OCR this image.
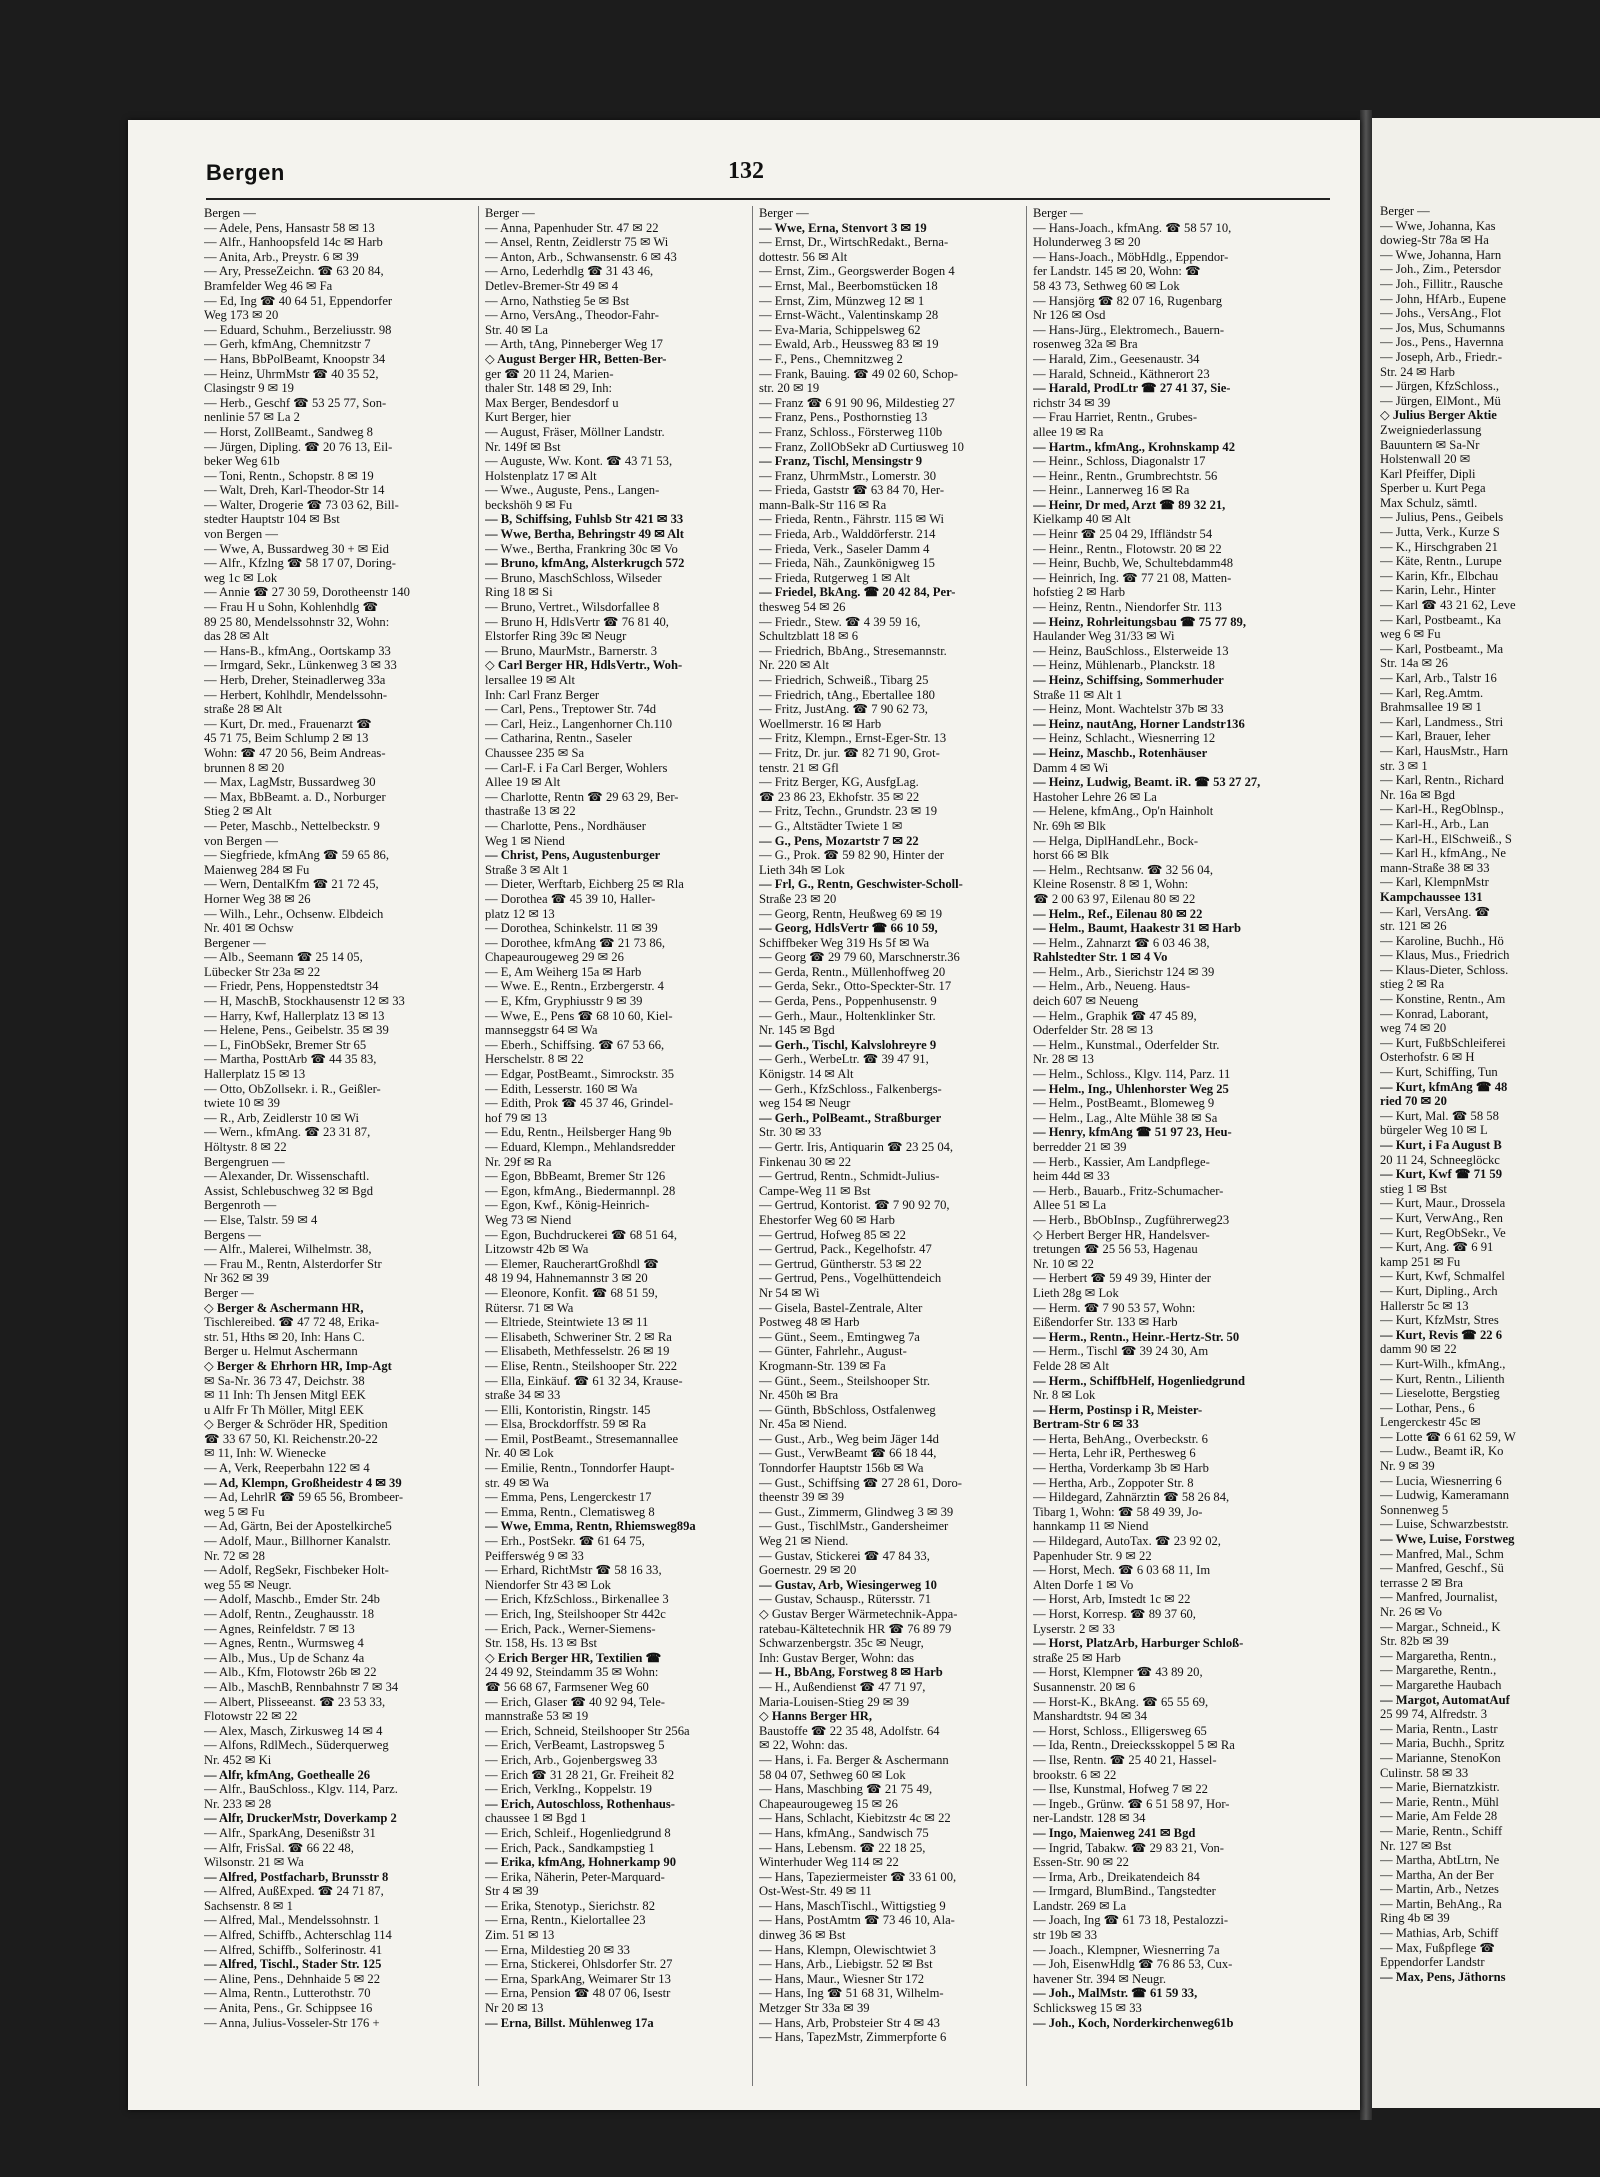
Bergen	132
Bergen —
— Adele, Pens, Hansastr 58 ✉ 13
— Alfr., Hanhoopsfeld 14c ✉ Harb
— Anita, Arb., Preystr. 6 ✉ 39
— Ary, PresseZeichn. ☎ 63 20 84,
Bramfelder Weg 46 ✉ Fa
— Ed, Ing ☎ 40 64 51, Eppendorfer
Weg 173 ✉ 20
— Eduard, Schuhm., Berzeliusstr. 98
— Gerh, kfmAng, Chemnitzstr 7
— Hans, BbPolBeamt, Knoopstr 34
— Heinz, UhrmMstr ☎ 40 35 52,
Clasingstr 9 ✉ 19
— Herb., Geschf ☎ 53 25 77, Son-
nenlinie 57 ✉ La 2
— Horst, ZollBeamt., Sandweg 8
— Jürgen, Dipling. ☎ 20 76 13, Eil-
beker Weg 61b
— Toni, Rentn., Schopstr. 8 ✉ 19
— Walt, Dreh, Karl-Theodor-Str 14
— Walter, Drogerie ☎ 73 03 62, Bill-
stedter Hauptstr 104 ✉ Bst
von Bergen —
— Wwe, A, Bussardweg 30 + ✉ Eid
— Alfr., Kfzlng ☎ 58 17 07, Doring-
weg 1c ✉ Lok
— Annie ☎ 27 30 59, Dorotheenstr 140
— Frau H u Sohn, Kohlenhdlg ☎
89 25 80, Mendelssohnstr 32, Wohn:
das 28 ✉ Alt
— Hans-B., kfmAng., Oortskamp 33
— Irmgard, Sekr., Lünkenweg 3 ✉ 33
— Herb, Dreher, Steinadlerweg 33a
— Herbert, Kohlhdlr, Mendelssohn-
straße 28 ✉ Alt
— Kurt, Dr. med., Frauenarzt ☎
45 71 75, Beim Schlump 2 ✉ 13
Wohn: ☎ 47 20 56, Beim Andreas-
brunnen 8 ✉ 20
— Max, LagMstr, Bussardweg 30
— Max, BbBeamt. a. D., Norburger
Stieg 2 ✉ Alt
— Peter, Maschb., Nettelbeckstr. 9
von Bergen —
— Siegfriede, kfmAng ☎ 59 65 86,
Maienweg 284 ✉ Fu
— Wern, DentalKfm ☎ 21 72 45,
Horner Weg 38 ✉ 26
— Wilh., Lehr., Ochsenw. Elbdeich
Nr. 401 ✉ Ochsw
Bergener —
— Alb., Seemann ☎ 25 14 05,
Lübecker Str 23a ✉ 22
— Friedr, Pens, Hoppenstedtstr 34
— H, MaschB, Stockhausenstr 12 ✉ 33
— Harry, Kwf, Hallerplatz 13 ✉ 13
— Helene, Pens., Geibelstr. 35 ✉ 39
— L, FinObSekr, Bremer Str 65
— Martha, PosttArb ☎ 44 35 83,
Hallerplatz 15 ✉ 13
— Otto, ObZollsekr. i. R., Geißler-
twiete 10 ✉ 39
— R., Arb, Zeidlerstr 10 ✉ Wi
— Wern., kfmAng. ☎ 23 31 87,
Höltystr. 8 ✉ 22
Bergengruen —
— Alexander, Dr. Wissenschaftl.
Assist, Schlebuschweg 32 ✉ Bgd
Bergenroth —
— Else, Talstr. 59 ✉ 4
Bergens —
— Alfr., Malerei, Wilhelmstr. 38,
— Frau M., Rentn, Alsterdorfer Str
Nr 362 ✉ 39
Berger —
◇ Berger & Aschermann HR,
Tischlereibed. ☎ 47 72 48, Erika-
str. 51, Hths ✉ 20, Inh: Hans C.
Berger u. Helmut Aschermann
◇ Berger & Ehrhorn HR, Imp-Agt
✉ Sa-Nr. 36 73 47, Deichstr. 38
✉ 11 Inh: Th Jensen Mitgl EEK
u Alfr Fr Th Möller, Mitgl EEK
◇ Berger & Schröder HR, Spedition
☎ 33 67 50, Kl. Reichenstr.20-22
✉ 11, Inh: W. Wienecke
— A, Verk, Reeperbahn 122 ✉ 4
— Ad, Klempn, Großheidestr 4 ✉ 39
— Ad, LehrlR ☎ 59 65 56, Brombeer-
weg 5 ✉ Fu
— Ad, Gärtn, Bei der Apostelkirche5
— Adolf, Maur., Billhorner Kanalstr.
Nr. 72 ✉ 28
— Adolf, RegSekr, Fischbeker Holt-
weg 55 ✉ Neugr.
— Adolf, Maschb., Emder Str. 24b
— Adolf, Rentn., Zeughausstr. 18
— Agnes, Reinfeldstr. 7 ✉ 13
— Agnes, Rentn., Wurmsweg 4
— Alb., Mus., Up de Schanz 4a
— Alb., Kfm, Flotowstr 26b ✉ 22
— Alb., MaschB, Rennbahnstr 7 ✉ 34
— Albert, Plisseeanst. ☎ 23 53 33,
Flotowstr 22 ✉ 22
— Alex, Masch, Zirkusweg 14 ✉ 4
— Alfons, RdlMech., Süderquerweg
Nr. 452 ✉ Ki
— Alfr, kfmAng, Goethealle 26
— Alfr., BauSchloss., Klgv. 114, Parz.
Nr. 233 ✉ 28
— Alfr, DruckerMstr, Doverkamp 2
— Alfr., SparkAng, Desenißstr 31
— Alfr, FrisSal. ☎ 66 22 48,
Wilsonstr. 21 ✉ Wa
— Alfred, Postfacharb, Brunsstr 8
— Alfred, AußExped. ☎ 24 71 87,
Sachsenstr. 8 ✉ 1
— Alfred, Mal., Mendelssohnstr. 1
— Alfred, Schiffb., Achterschlag 114
— Alfred, Schiffb., Solferinostr. 41
— Alfred, Tischl., Stader Str. 125
— Aline, Pens., Dehnhaide 5 ✉ 22
— Alma, Rentn., Lutterothstr. 70
— Anita, Pens., Gr. Schippsee 16
— Anna, Julius-Vosseler-Str 176 +
Berger —
— Anna, Papenhuder Str. 47 ✉ 22
— Ansel, Rentn, Zeidlerstr 75 ✉ Wi
— Anton, Arb., Schwansenstr. 6 ✉ 43
— Arno, Lederhdlg ☎ 31 43 46,
Detlev-Bremer-Str 49 ✉ 4
— Arno, Nathstieg 5e ✉ Bst
— Arno, VersAng., Theodor-Fahr-
Str. 40 ✉ La
— Arth, tAng, Pinneberger Weg 17
◇ August Berger HR, Betten-Ber-
ger ☎ 20 11 24, Marien-
thaler Str. 148 ✉ 29, Inh:
Max Berger, Bendesdorf u
Kurt Berger, hier
— August, Fräser, Möllner Landstr.
Nr. 149f ✉ Bst
— Auguste, Ww. Kont. ☎ 43 71 53,
Holstenplatz 17 ✉ Alt
— Wwe., Auguste, Pens., Langen-
beckshöh 9 ✉ Fu
— B, Schiffsing, Fuhlsb Str 421 ✉ 33
— Wwe, Bertha, Behringstr 49 ✉ Alt
— Wwe., Bertha, Frankring 30c ✉ Vo
— Bruno, kfmAng, Alsterkrugch 572
— Bruno, MaschSchloss, Wilseder
Ring 18 ✉ Si
— Bruno, Vertret., Wilsdorfallee 8
— Bruno H, HdlsVertr ☎ 76 81 40,
Elstorfer Ring 39c ✉ Neugr
— Bruno, MaurMstr., Barnerstr. 3
◇ Carl Berger HR, HdlsVertr., Woh-
lersallee 19 ✉ Alt
Inh: Carl Franz Berger
— Carl, Pens., Treptower Str. 74d
— Carl, Heiz., Langenhorner Ch.110
— Catharina, Rentn., Saseler
Chaussee 235 ✉ Sa
— Carl-F. i Fa Carl Berger, Wohlers
Allee 19 ✉ Alt
— Charlotte, Rentn ☎ 29 63 29, Ber-
thastraße 13 ✉ 22
— Charlotte, Pens., Nordhäuser
Weg 1 ✉ Niend
— Christ, Pens, Augustenburger
Straße 3 ✉ Alt 1
— Dieter, Werftarb, Eichberg 25 ✉ Rla
— Dorothea ☎ 45 39 10, Haller-
platz 12 ✉ 13
— Dorothea, Schinkelstr. 11 ✉ 39
— Dorothee, kfmAng ☎ 21 73 86,
Chapeaurougeweg 29 ✉ 26
— E, Am Weiherg 15a ✉ Harb
— Wwe. E., Rentn., Erzbergerstr. 4
— E, Kfm, Gryphiusstr 9 ✉ 39
— Wwe, E., Pens ☎ 68 10 60, Kiel-
mannseggstr 64 ✉ Wa
— Eberh., Schiffsing. ☎ 67 53 66,
Herschelstr. 8 ✉ 22
— Edgar, PostBeamt., Simrockstr. 35
— Edith, Lesserstr. 160 ✉ Wa
— Edith, Prok ☎ 45 37 46, Grindel-
hof 79 ✉ 13
— Edu, Rentn., Heilsberger Hang 9b
— Eduard, Klempn., Mehlandsredder
Nr. 29f ✉ Ra
— Egon, BbBeamt, Bremer Str 126
— Egon, kfmAng., Biedermannpl. 28
— Egon, Kwf., König-Heinrich-
Weg 73 ✉ Niend
— Egon, Buchdruckerei ☎ 68 51 64,
Litzowstr 42b ✉ Wa
— Elemer, RaucherartGroßhdl ☎
48 19 94, Hahnemannstr 3 ✉ 20
— Eleonore, Konfit. ☎ 68 51 59,
Rütersr. 71 ✉ Wa
— Eltriede, Steintwiete 13 ✉ 11
— Elisabeth, Schweriner Str. 2 ✉ Ra
— Elisabeth, Methfesselstr. 26 ✉ 19
— Elise, Rentn., Steilshooper Str. 222
— Ella, Einkäuf. ☎ 61 32 34, Krause-
straße 34 ✉ 33
— Elli, Kontoristin, Ringstr. 145
— Elsa, Brockdorffstr. 59 ✉ Ra
— Emil, PostBeamt., Stresemannallee
Nr. 40 ✉ Lok
— Emilie, Rentn., Tonndorfer Haupt-
str. 49 ✉ Wa
— Emma, Pens, Lengerckestr 17
— Emma, Rentn., Clematisweg 8
— Wwe, Emma, Rentn, Rhiemsweg89a
— Erh., PostSekr. ☎ 61 64 75,
Peifferswég 9 ✉ 33
— Erhard, RichtMstr ☎ 58 16 33,
Niendorfer Str 43 ✉ Lok
— Erich, KfzSchloss., Birkenallee 3
— Erich, Ing, Steilshooper Str 442c
— Erich, Pack., Werner-Siemens-
Str. 158, Hs. 13 ✉ Bst
◇ Erich Berger HR, Textilien ☎
24 49 92, Steindamm 35 ✉ Wohn:
☎ 56 68 67, Farmsener Weg 60
— Erich, Glaser ☎ 40 92 94, Tele-
mannstraße 53 ✉ 19
— Erich, Schneid, Steilshooper Str 256a
— Erich, VerBeamt, Lastropsweg 5
— Erich, Arb., Gojenbergsweg 33
— Erich ☎ 31 28 21, Gr. Freiheit 82
— Erich, VerkIng., Koppelstr. 19
— Erich, Autoschloss, Rothenhaus-
chaussee 1 ✉ Bgd 1
— Erich, Schleif., Hogenliedgrund 8
— Erich, Pack., Sandkampstieg 1
— Erika, kfmAng, Hohnerkamp 90
— Erika, Näherin, Peter-Marquard-
Str 4 ✉ 39
— Erika, Stenotyp., Sierichstr. 82
— Erna, Rentn., Kielortallee 23
Zim. 51 ✉ 13
— Erna, Mildestieg 20 ✉ 33
— Erna, Stickerei, Ohlsdorfer Str. 27
— Erna, SparkAng, Weimarer Str 13
— Erna, Pension ☎ 48 07 06, Isestr
Nr 20 ✉ 13
— Erna, Billst. Mühlenweg 17a
Berger —
— Wwe, Erna, Stenvort 3 ✉ 19
— Ernst, Dr., WirtschRedakt., Berna-
dottestr. 56 ✉ Alt
— Ernst, Zim., Georgswerder Bogen 4
— Ernst, Mal., Beerbomstücken 18
— Ernst, Zim, Münzweg 12 ✉ 1
— Ernst-Wächt., Valentinskamp 28
— Eva-Maria, Schippelsweg 62
— Ewald, Arb., Heussweg 83 ✉ 19
— F., Pens., Chemnitzweg 2
— Frank, Bauing. ☎ 49 02 60, Schop-
str. 20 ✉ 19
— Franz ☎ 6 91 90 96, Mildestieg 27
— Franz, Pens., Posthornstieg 13
— Franz, Schloss., Försterweg 110b
— Franz, ZollObSekr aD Curtiusweg 10
— Franz, Tischl, Mensingstr 9
— Franz, UhrmMstr., Lomerstr. 30
— Frieda, Gaststr ☎ 63 84 70, Her-
mann-Balk-Str 116 ✉ Ra
— Frieda, Rentn., Fährstr. 115 ✉ Wi
— Frieda, Arb., Walddörferstr. 214
— Frieda, Verk., Saseler Damm 4
— Frieda, Näh., Zaunkönigweg 15
— Frieda, Rutgerweg 1 ✉ Alt
— Friedel, BkAng. ☎ 20 42 84, Per-
thesweg 54 ✉ 26
— Friedr., Stew. ☎ 4 39 59 16,
Schultzblatt 18 ✉ 6
— Friedrich, BbAng., Stresemannstr.
Nr. 220 ✉ Alt
— Friedrich, Schweiß., Tibarg 25
— Friedrich, tAng., Ebertallee 180
— Fritz, JustAng. ☎ 7 90 62 73,
Woellmerstr. 16 ✉ Harb
— Fritz, Klempn., Ernst-Eger-Str. 13
— Fritz, Dr. jur. ☎ 82 71 90, Grot-
tenstr. 21 ✉ Gfl
— Fritz Berger, KG, AusfgLag.
☎ 23 86 23, Ekhofstr. 35 ✉ 22
— Fritz, Techn., Grundstr. 23 ✉ 19
— G., Altstädter Twiete 1 ✉
— G., Pens, Mozartstr 7 ✉ 22
— G., Prok. ☎ 59 82 90, Hinter der
Lieth 34h ✉ Lok
— Frl, G., Rentn, Geschwister-Scholl-
Straße 23 ✉ 20
— Georg, Rentn, Heußweg 69 ✉ 19
— Georg, HdlsVertr ☎ 66 10 59,
Schiffbeker Weg 319 Hs 5f ✉ Wa
— Georg ☎ 29 79 60, Marschnerstr.36
— Gerda, Rentn., Müllenhoffweg 20
— Gerda, Sekr., Otto-Speckter-Str. 17
— Gerda, Pens., Poppenhusenstr. 9
— Gerh., Maur., Holtenklinker Str.
Nr. 145 ✉ Bgd
— Gerh., Tischl, Kalvslohreyre 9
— Gerh., WerbeLtr. ☎ 39 47 91,
Königstr. 14 ✉ Alt
— Gerh., KfzSchloss., Falkenbergs-
weg 154 ✉ Neugr
— Gerh., PolBeamt., Straßburger
Str. 30 ✉ 33
— Gertr. Iris, Antiquarin ☎ 23 25 04,
Finkenau 30 ✉ 22
— Gertrud, Rentn., Schmidt-Julius-
Campe-Weg 11 ✉ Bst
— Gertrud, Kontorist. ☎ 7 90 92 70,
Ehestorfer Weg 60 ✉ Harb
— Gertrud, Hofweg 85 ✉ 22
— Gertrud, Pack., Kegelhofstr. 47
— Gertrud, Güntherstr. 53 ✉ 22
— Gertrud, Pens., Vogelhüttendeich
Nr 54 ✉ Wi
— Gisela, Bastel-Zentrale, Alter
Postweg 48 ✉ Harb
— Günt., Seem., Emtingweg 7a
— Günter, Fahrlehr., August-
Krogmann-Str. 139 ✉ Fa
— Günt., Seem., Steilshooper Str.
Nr. 450h ✉ Bra
— Günth, BbSchloss, Ostfalenweg
Nr. 45a ✉ Niend.
— Gust., Arb., Weg beim Jäger 14d
— Gust., VerwBeamt ☎ 66 18 44,
Tonndorfer Hauptstr 156b ✉ Wa
— Gust., Schiffsing ☎ 27 28 61, Doro-
theenstr 39 ✉ 39
— Gust., Zimmerm, Glindweg 3 ✉ 39
— Gust., TischlMstr., Gandersheimer
Weg 21 ✉ Niend.
— Gustav, Stickerei ☎ 47 84 33,
Goernestr. 29 ✉ 20
— Gustav, Arb, Wiesingerweg 10
— Gustav, Schausp., Rütersstr. 71
◇ Gustav Berger Wärmetechnik-Appa-
ratebau-Kältetechnik HR ☎ 76 89 79
Schwarzenbergstr. 35c ✉ Neugr,
Inh: Gustav Berger, Wohn: das
— H., BbAng, Forstweg 8 ✉ Harb
— H., Außendienst ☎ 47 71 97,
Maria-Louisen-Stieg 29 ✉ 39
◇ Hanns Berger HR,
Baustoffe ☎ 22 35 48, Adolfstr. 64
✉ 22, Wohn: das.
— Hans, i. Fa. Berger & Aschermann
58 04 07, Sethweg 60 ✉ Lok
— Hans, Maschbing ☎ 21 75 49,
Chapeaurougeweg 15 ✉ 26
— Hans, Schlacht, Kiebitzstr 4c ✉ 22
— Hans, kfmAng., Sandwisch 75
— Hans, Lebensm. ☎ 22 18 25,
Winterhuder Weg 114 ✉ 22
— Hans, Tapeziermeister ☎ 33 61 00,
Ost-West-Str. 49 ✉ 11
— Hans, MaschTischl., Wittigstieg 9
— Hans, PostAmtm ☎ 73 46 10, Ala-
dinweg 36 ✉ Bst
— Hans, Klempn, Olewischtwiet 3
— Hans, Arb., Liebigstr. 52 ✉ Bst
— Hans, Maur., Wiesner Str 172
— Hans, Ing ☎ 51 68 31, Wilhelm-
Metzger Str 33a ✉ 39
— Hans, Arb, Probsteier Str 4 ✉ 43
— Hans, TapezMstr, Zimmerpforte 6
Berger —
— Hans-Joach., kfmAng. ☎ 58 57 10,
Holunderweg 3 ✉ 20
— Hans-Joach., MöbHdlg., Eppendor-
fer Landstr. 145 ✉ 20, Wohn: ☎
58 43 73, Sethweg 60 ✉ Lok
— Hansjörg ☎ 82 07 16, Rugenbarg
Nr 126 ✉ Osd
— Hans-Jürg., Elektromech., Bauern-
rosenweg 32a ✉ Bra
— Harald, Zim., Geesenaustr. 34
— Harald, Schneid., Käthnerort 23
— Harald, ProdLtr ☎ 27 41 37, Sie-
richstr 34 ✉ 39
— Frau Harriet, Rentn., Grubes-
allee 19 ✉ Ra
— Hartm., kfmAng., Krohnskamp 42
— Heinr., Schloss, Diagonalstr 17
— Heinr., Rentn., Grumbrechtstr. 56
— Heinr., Lannerweg 16 ✉ Ra
— Heinr, Dr med, Arzt ☎ 89 32 21,
Kielkamp 40 ✉ Alt
— Heinr ☎ 25 04 29, Iffländstr 54
— Heinr., Rentn., Flotowstr. 20 ✉ 22
— Heinr, Buchb, We, Schultebdamm48
— Heinrich, Ing. ☎ 77 21 08, Matten-
hofstieg 2 ✉ Harb
— Heinz, Rentn., Niendorfer Str. 113
— Heinz, Rohrleitungsbau ☎ 75 77 89,
Haulander Weg 31/33 ✉ Wi
— Heinz, BauSchloss., Elsterweide 13
— Heinz, Mühlenarb., Planckstr. 18
— Heinz, Schiffsing, Sommerhuder
Straße 11 ✉ Alt 1
— Heinz, Mont. Wachtelstr 37b ✉ 33
— Heinz, nautAng, Horner Landstr136
— Heinz, Schlacht., Wiesnerring 12
— Heinz, Maschb., Rotenhäuser
Damm 4 ✉ Wi
— Heinz, Ludwig, Beamt. iR. ☎ 53 27 27,
Hastoher Lehre 26 ✉ La
— Helene, kfmAng., Op'n Hainholt
Nr. 69h ✉ Blk
— Helga, DiplHandLehr., Bock-
horst 66 ✉ Blk
— Helm., Rechtsanw. ☎ 32 56 04,
Kleine Rosenstr. 8 ✉ 1, Wohn:
☎ 2 00 63 97, Eilenau 80 ✉ 22
— Helm., Ref., Eilenau 80 ✉ 22
— Helm., Baumt, Haakestr 31 ✉ Harb
— Helm., Zahnarzt ☎ 6 03 46 38,
Rahlstedter Str. 1 ✉ 4 Vo
— Helm., Arb., Sierichstr 124 ✉ 39
— Helm., Arb., Neueng. Haus-
deich 607 ✉ Neueng
— Helm., Graphik ☎ 47 45 89,
Oderfelder Str. 28 ✉ 13
— Helm., Kunstmal., Oderfelder Str.
Nr. 28 ✉ 13
— Helm., Schloss., Klgv. 114, Parz. 11
— Helm., Ing., Uhlenhorster Weg 25
— Helm., PostBeamt., Blomeweg 9
— Helm., Lag., Alte Mühle 38 ✉ Sa
— Henry, kfmAng ☎ 51 97 23, Heu-
berredder 21 ✉ 39
— Herb., Kassier, Am Landpflege-
heim 44d ✉ 33
— Herb., Bauarb., Fritz-Schumacher-
Allee 51 ✉ La
— Herb., BbObInsp., Zugführerweg23
◇ Herbert Berger HR, Handelsver-
tretungen ☎ 25 56 53, Hagenau
Nr. 10 ✉ 22
— Herbert ☎ 59 49 39, Hinter der
Lieth 28g ✉ Lok
— Herm. ☎ 7 90 53 57, Wohn:
Eißendorfer Str. 133 ✉ Harb
— Herm., Rentn., Heinr.-Hertz-Str. 50
— Herm., Tischl ☎ 39 24 30, Am
Felde 28 ✉ Alt
— Herm., SchiffbHelf, Hogenliedgrund
Nr. 8 ✉ Lok
— Herm, Postinsp i R, Meister-
Bertram-Str 6 ✉ 33
— Herta, BehAng., Overbeckstr. 6
— Herta, Lehr iR, Perthesweg 6
— Hertha, Vorderkamp 3b ✉ Harb
— Hertha, Arb., Zoppoter Str. 8
— Hildegard, Zahnärztin ☎ 58 26 84,
Tibarg 1, Wohn: ☎ 58 49 39, Jo-
hannkamp 11 ✉ Niend
— Hildegard, AutoTax. ☎ 23 92 02,
Papenhuder Str. 9 ✉ 22
— Horst, Mech. ☎ 6 03 68 11, Im
Alten Dorfe 1 ✉ Vo
— Horst, Arb, Imstedt 1c ✉ 22
— Horst, Korresp. ☎ 89 37 60,
Lyserstr. 2 ✉ 33
— Horst, PlatzArb, Harburger Schloß-
straße 25 ✉ Harb
— Horst, Klempner ☎ 43 89 20,
Susannenstr. 20 ✉ 6
— Horst-K., BkAng. ☎ 65 55 69,
Manshardtstr. 94 ✉ 34
— Horst, Schloss., Elligersweg 65
— Ida, Rentn., Dreiecksskoppel 5 ✉ Ra
— Ilse, Rentn. ☎ 25 40 21, Hassel-
brookstr. 6 ✉ 22
— Ilse, Kunstmal, Hofweg 7 ✉ 22
— Ingeb., Grünw. ☎ 6 51 58 97, Hor-
ner-Landstr. 128 ✉ 34
— Ingo, Maienweg 241 ✉ Bgd
— Ingrid, Tabakw. ☎ 29 83 21, Von-
Essen-Str. 90 ✉ 22
— Irma, Arb., Dreikatendeich 84
— Irmgard, BlumBind., Tangstedter
Landstr. 269 ✉ La
— Joach, Ing ☎ 61 73 18, Pestalozzi-
str 19b ✉ 33
— Joach., Klempner, Wiesnerring 7a
— Joh, EisenwHdlg ☎ 76 86 53, Cux-
havener Str. 394 ✉ Neugr.
— Joh., MalMstr. ☎ 61 59 33,
Schlicksweg 15 ✉ 33
— Joh., Koch, Norderkirchenweg61b
Berger —
— Wwe, Johanna, Kas
dowieg-Str 78a ✉ Ha
— Wwe, Johanna, Harn
— Joh., Zim., Petersdor
— Joh., Fillitr., Rausche
— John, HfArb., Eupene
— Johs., VersAng., Flot
— Jos, Mus, Schumanns
— Jos., Pens., Havernna
— Joseph, Arb., Friedr.-
Str. 24 ✉ Harb
— Jürgen, KfzSchloss.,
— Jürgen, ElMont., Mü
◇ Julius Berger Aktie
Zweigniederlassung
Bauuntern ✉ Sa-Nr
Holstenwall 20 ✉
Karl Pfeiffer, Dipli
Sperber u. Kurt Pega
Max Schulz, sämtl.
— Julius, Pens., Geibels
— Jutta, Verk., Kurze S
— K., Hirschgraben 21
— Käte, Rentn., Lurupe
— Karin, Kfr., Elbchau
— Karin, Lehr., Hinter
— Karl ☎ 43 21 62, Leve
— Karl, Postbeamt., Ka
weg 6 ✉ Fu
— Karl, Postbeamt., Ma
Str. 14a ✉ 26
— Karl, Arb., Talstr 16
— Karl, Reg.Amtm.
Brahmsallee 19 ✉ 1
— Karl, Landmess., Stri
— Karl, Brauer, Ieher
— Karl, HausMstr., Harn
str. 3 ✉ 1
— Karl, Rentn., Richard
Nr. 16a ✉ Bgd
— Karl-H., RegOblnsp.,
— Karl-H., Arb., Lan
— Karl-H., ElSchweiß., S
— Karl H., kfmAng., Ne
mann-Straße 38 ✉ 33
— Karl, KlempnMstr
Kampchaussee 131
— Karl, VersAng. ☎
str. 121 ✉ 26
— Karoline, Buchh., Hö
— Klaus, Mus., Friedrich
— Klaus-Dieter, Schloss.
stieg 2 ✉ Ra
— Konstine, Rentn., Am
— Konrad, Laborant,
weg 74 ✉ 20
— Kurt, FußbSchleiferei
Osterhofstr. 6 ✉ H
— Kurt, Schiffing, Tun
— Kurt, kfmAng ☎ 48
ried 70 ✉ 20
— Kurt, Mal. ☎ 58 58
bürgeler Weg 10 ✉ L
— Kurt, i Fa August B
20 11 24, Schneeglöckc
— Kurt, Kwf ☎ 71 59
stieg 1 ✉ Bst
— Kurt, Maur., Drossela
— Kurt, VerwAng., Ren
— Kurt, RegObSekr., Ve
— Kurt, Ang. ☎ 6 91
kamp 251 ✉ Fu
— Kurt, Kwf, Schmalfel
— Kurt, Dipling., Arch
Hallerstr 5c ✉ 13
— Kurt, KfzMstr, Stres
— Kurt, Revis ☎ 22 6
damm 90 ✉ 22
— Kurt-Wilh., kfmAng.,
— Kurt, Rentn., Lilienth
— Lieselotte, Bergstieg
— Lothar, Pens., 6
Lengerckestr 45c ✉
— Lotte ☎ 6 61 62 59, W
— Ludw., Beamt iR, Ko
Nr. 9 ✉ 39
— Lucia, Wiesnerring 6
— Ludwig, Kameramann
Sonnenweg 5
— Luise, Schwarzbeststr.
— Wwe, Luise, Forstweg
— Manfred, Mal., Schm
— Manfred, Geschf., Sü
terrasse 2 ✉ Bra
— Manfred, Journalist,
Nr. 26 ✉ Vo
— Margar., Schneid., K
Str. 82b ✉ 39
— Margaretha, Rentn.,
— Margarethe, Rentn.,
— Margarethe Haubach
— Margot, AutomatAuf
25 99 74, Alfredstr. 3
— Maria, Rentn., Lastr
— Maria, Buchh., Spritz
— Marianne, StenoKon
Culinstr. 58 ✉ 33
— Marie, Biernatzkistr.
— Marie, Rentn., Mühl
— Marie, Am Felde 28
— Marie, Rentn., Schiff
Nr. 127 ✉ Bst
— Martha, AbtLtrn, Ne
— Martha, An der Ber
— Martin, Arb., Netzes
— Martin, BehAng., Ra
Ring 4b ✉ 39
— Mathias, Arb, Schiff
— Max, Fußpflege ☎
Eppendorfer Landstr
— Max, Pens, Jäthorns
